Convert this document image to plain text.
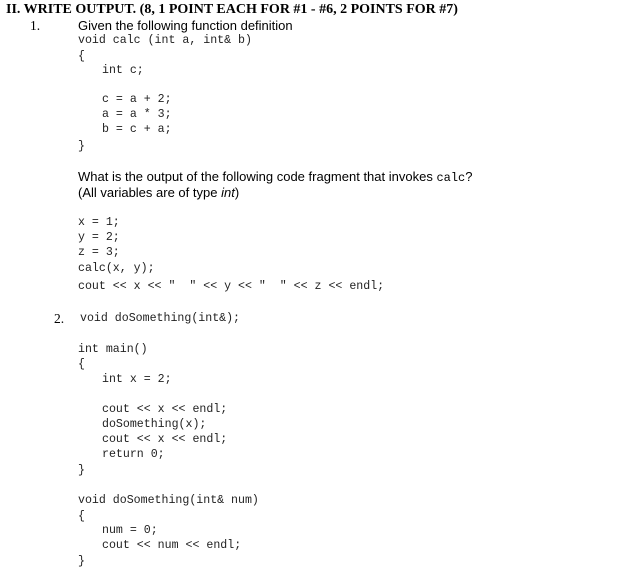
II. WRITE OUTPUT. (8, 1 POINT EACH FOR #1 - #6, 2 POINTS FOR #7)
1.	Given the following function definition
void calc (int a, int& b)
{
int c;
c = a + 2;
a = a * 3;
b = c + a;
}
What is the output of the following code fragment that invokes calc?
(All variables are of type int)
x = 1;
y = 2;
z = 3;
calc(x, y);
cout << x << "  " << y << "  " << z << endl;
2. void doSomething(int&);
int main()
{
int x = 2;
cout << x << endl;
doSomething(x);
cout << x << endl;
return 0;
}
void doSomething(int& num)
{
num = 0;
cout << num << endl;
}
